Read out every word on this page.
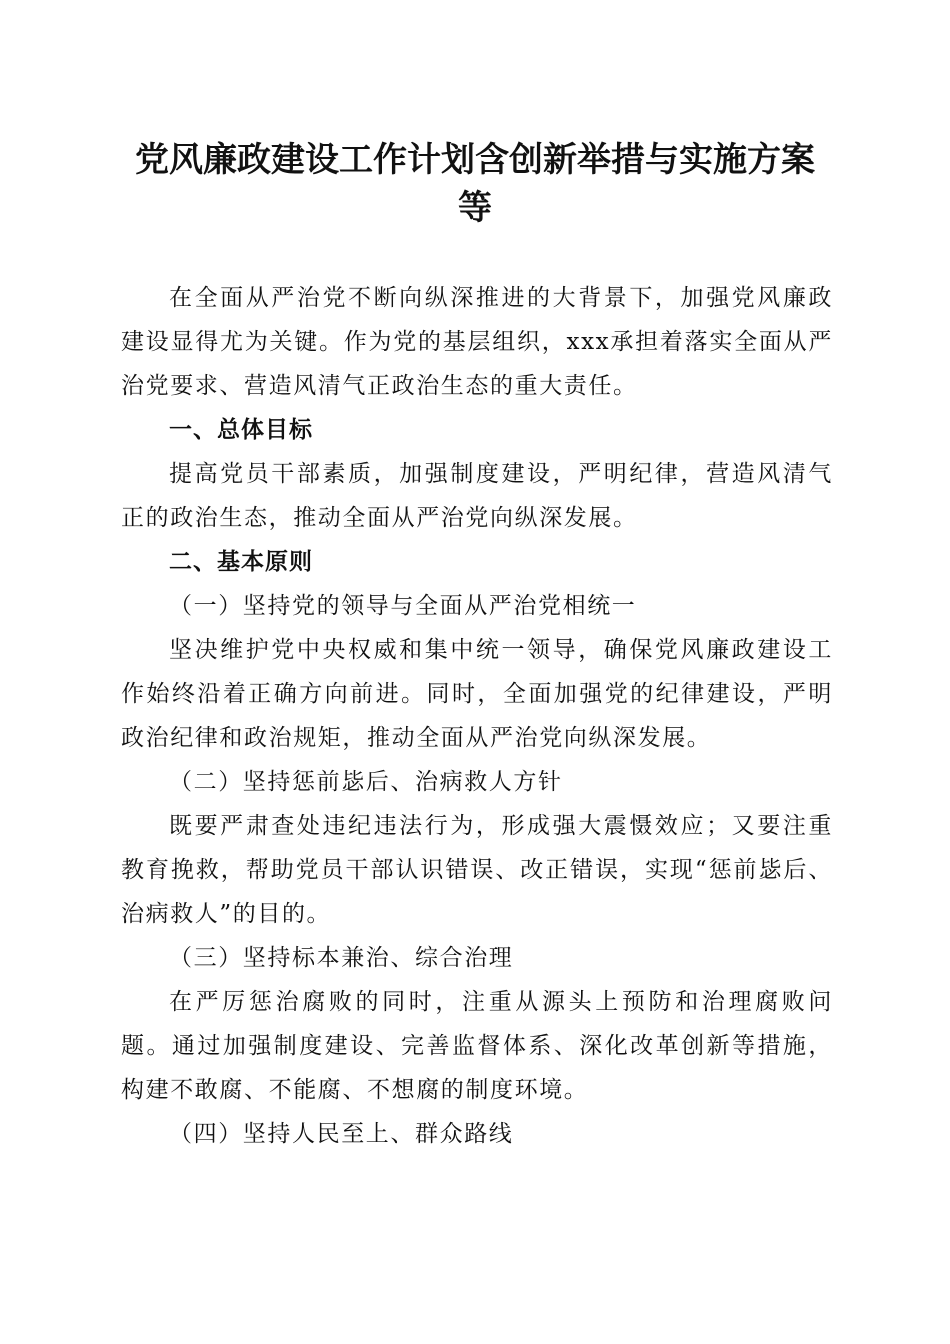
党风廉政建设工作计划含创新举措与实施方案
等

在全面从严治党不断向纵深推进的大背景下，加强党风廉政建设显得尤为关键。作为党的基层组织，xxx承担着落实全面从严治党要求、营造风清气正政治生态的重大责任。

一、总体目标

提高党员干部素质，加强制度建设，严明纪律，营造风清气正的政治生态，推动全面从严治党向纵深发展。

二、基本原则

（一）坚持党的领导与全面从严治党相统一

坚决维护党中央权威和集中统一领导，确保党风廉政建设工作始终沿着正确方向前进。同时，全面加强党的纪律建设，严明政治纪律和政治规矩，推动全面从严治党向纵深发展。

（二）坚持惩前毖后、治病救人方针

既要严肃查处违纪违法行为，形成强大震慑效应；又要注重教育挽救，帮助党员干部认识错误、改正错误，实现“惩前毖后、治病救人”的目的。

（三）坚持标本兼治、综合治理

在严厉惩治腐败的同时，注重从源头上预防和治理腐败问题。通过加强制度建设、完善监督体系、深化改革创新等措施，构建不敢腐、不能腐、不想腐的制度环境。

（四）坚持人民至上、群众路线
